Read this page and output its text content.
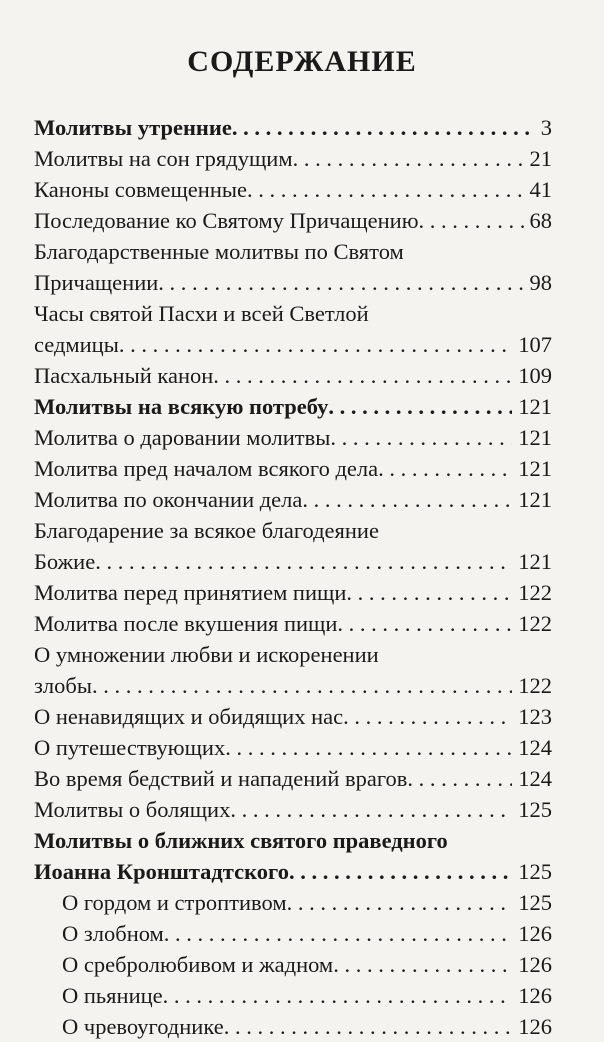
СОДЕРЖАНИЕ
Молитвы утренние . . .	3
Молитвы на сон грядущим . . .	21
Каноны совмещенные . . .	41
Последование ко Святому Причащению . . .	68
Благодарственные молитвы по Святом
Причащении . . .	98
Часы святой Пасхи и всей Светлой
седмицы . . .	107
Пасхальный канон . . .	109
Молитвы на всякую потребу . . .	121
Молитва о даровании молитвы . . .	121
Молитва пред началом всякого дела . . .	121
Молитва по окончании дела . . .	121
Благодарение за всякое благодеяние
Божие . . .	121
Молитва перед принятием пищи . . .	122
Молитва после вкушения пищи . . .	122
О умножении любви и искоренении
злобы . . .	122
О ненавидящих и обидящих нас . . .	123
О путешествующих . . .	124
Во время бедствий и нападений врагов . . .	124
Молитвы о болящих . . .	125
Молитвы о ближних святого праведного
Иоанна Кронштадтского . . .	125
О гордом и строптивом . . .	125
О злобном . . .	126
О сребролюбивом и жадном . . .	126
О пьянице . . .	126
О чревоугоднике . . .	126
